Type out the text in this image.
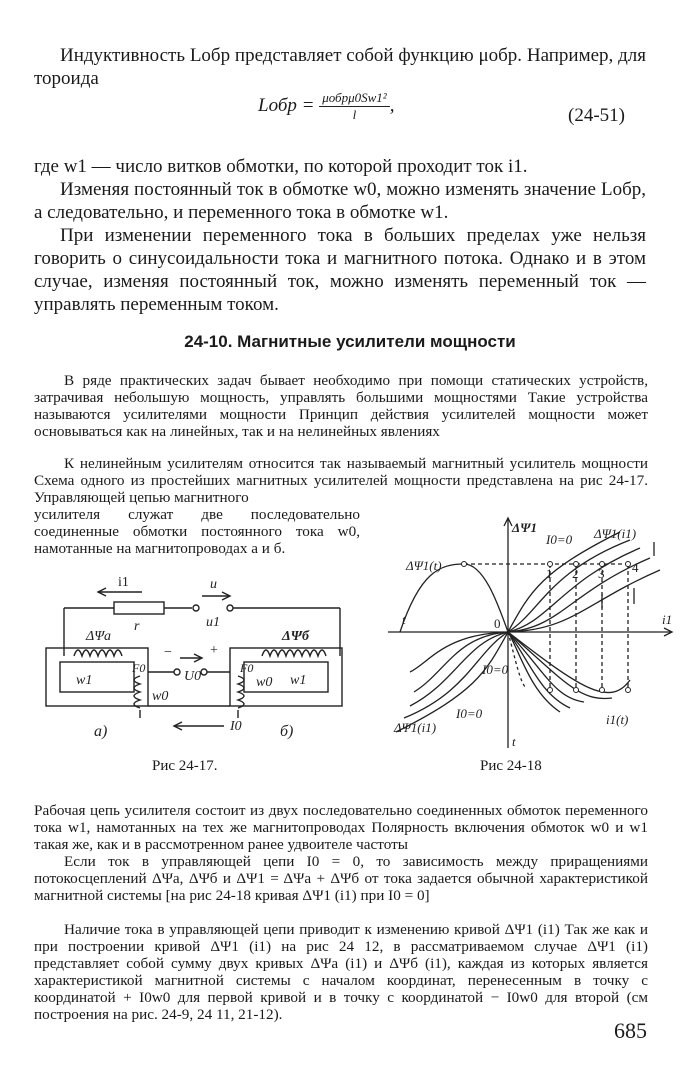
Индуктивность Lобр представляет собой функцию μобр. Например, для тороида

Lобр = $\frac{\text{μобрμ0Sw1²}}{l}$ ,	(24-51)

где w1 — число витков обмотки, по которой проходит ток i1.

Изменяя постоянный ток в обмотке w0, можно изменять значение Lобр, а следовательно, и переменного тока в обмотке w1.

При изменении переменного тока в больших пределах уже нельзя говорить о синусоидальности тока и магнитного потока. Однако и в этом случае, изменяя постоянный ток, можно изменять переменный ток — управлять переменным током.

24-10. Магнитные усилители мощности

В ряде практических задач бывает необходимо при помощи статических устройств, затрачивая небольшую мощность, управлять большими мощностями Такие устройства называются усилителями мощности Принцип действия усилителей мощности может основываться как на линейных, так и на нелинейных явлениях

К нелинейным усилителям относится так называемый магнитный усилитель мощности Схема одного из простейших магнитных усилителей мощности представлена на рис 24-17. Управляющей цепью магнитного

усилителя служат две последовательно соединенные обмотки постоянного тока w0, намотанные на магнитопроводах a и б.

i1	u
r	u1
ΔΨa	ΔΨб
w1
w0
F0
w1
w0
F0
−	+
U0
I0
а)	б)
Рис 24-17.
ΔΨ1
t	i1
t
0
ΔΨ1(t)
I0=0 ΔΨ1(i1)
I0=0
I0=0
ΔΨ1(i1)
i1(t)
1 2 3 4
Рис 24-18

Рабочая цепь усилителя состоит из двух последовательно соединенных обмоток переменного тока w1, намотанных на тех же магнитопроводах Полярность включения обмоток w0 и w1 такая же, как и в рассмотренном ранее удвоителе частоты

Если ток в управляющей цепи I0 = 0, то зависимость между приращениями потокосцеплений ΔΨa, ΔΨб и ΔΨ1 = ΔΨa + ΔΨб от тока задается обычной характеристикой магнитной системы [на рис 24-18 кривая ΔΨ1 (i1) при I0 = 0]

Наличие тока в управляющей цепи приводит к изменению кривой ΔΨ1 (i1) Так же как и при построении кривой ΔΨ1 (i1) на рис 24 12, в рассматриваемом случае ΔΨ1 (i1) представляет собой сумму двух кривых ΔΨa (i1) и ΔΨб (i1), каждая из которых является характеристикой магнитной системы с началом координат, перенесенным в точку с координатой + I0w0 для первой кривой и в точку с координатой − I0w0 для второй (см построения на рис. 24-9, 24 11, 21-12).

685
